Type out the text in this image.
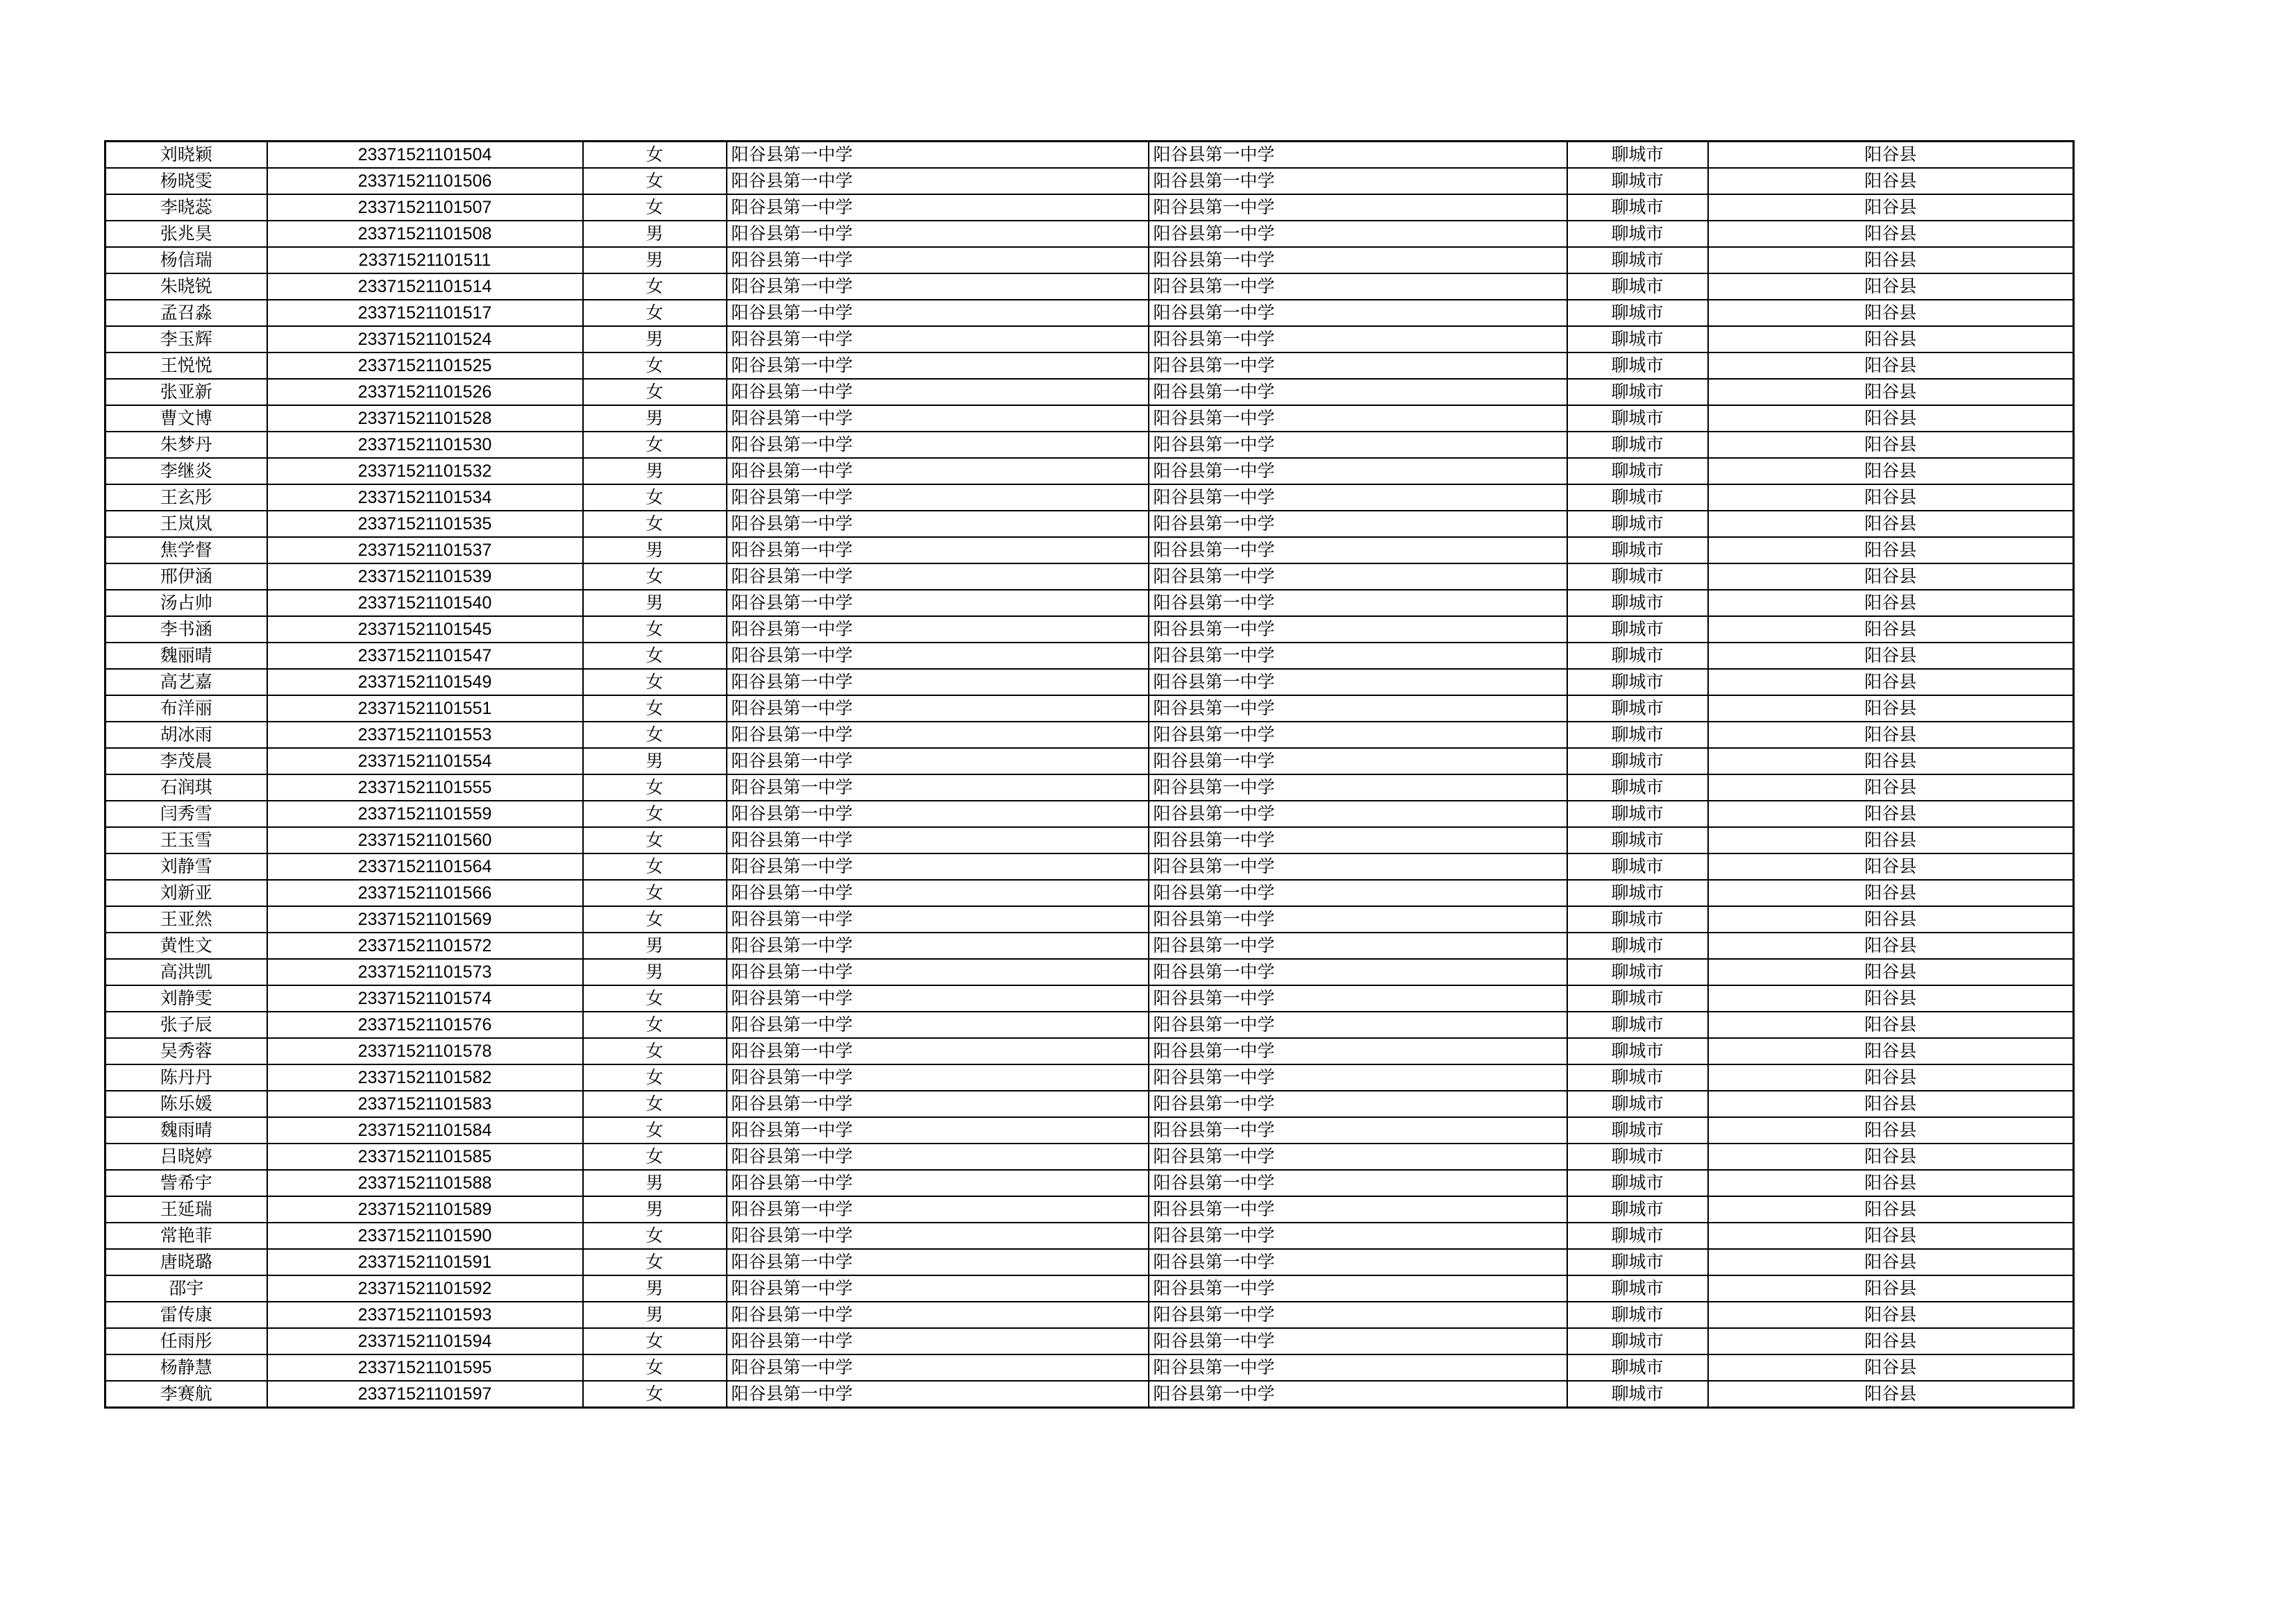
刘晓颖	23371521101504	女	阳谷县第一中学	阳谷县第一中学	聊城市	阳谷县
杨晓雯	23371521101506	女	阳谷县第一中学	阳谷县第一中学	聊城市	阳谷县
李晓蕊	23371521101507	女	阳谷县第一中学	阳谷县第一中学	聊城市	阳谷县
张兆昊	23371521101508	男	阳谷县第一中学	阳谷县第一中学	聊城市	阳谷县
杨信瑞	23371521101511	男	阳谷县第一中学	阳谷县第一中学	聊城市	阳谷县
朱晓锐	23371521101514	女	阳谷县第一中学	阳谷县第一中学	聊城市	阳谷县
孟召淼	23371521101517	女	阳谷县第一中学	阳谷县第一中学	聊城市	阳谷县
李玉辉	23371521101524	男	阳谷县第一中学	阳谷县第一中学	聊城市	阳谷县
王悦悦	23371521101525	女	阳谷县第一中学	阳谷县第一中学	聊城市	阳谷县
张亚新	23371521101526	女	阳谷县第一中学	阳谷县第一中学	聊城市	阳谷县
曹文博	23371521101528	男	阳谷县第一中学	阳谷县第一中学	聊城市	阳谷县
朱梦丹	23371521101530	女	阳谷县第一中学	阳谷县第一中学	聊城市	阳谷县
李继炎	23371521101532	男	阳谷县第一中学	阳谷县第一中学	聊城市	阳谷县
王玄彤	23371521101534	女	阳谷县第一中学	阳谷县第一中学	聊城市	阳谷县
王岚岚	23371521101535	女	阳谷县第一中学	阳谷县第一中学	聊城市	阳谷县
焦学督	23371521101537	男	阳谷县第一中学	阳谷县第一中学	聊城市	阳谷县
邢伊涵	23371521101539	女	阳谷县第一中学	阳谷县第一中学	聊城市	阳谷县
汤占帅	23371521101540	男	阳谷县第一中学	阳谷县第一中学	聊城市	阳谷县
李书涵	23371521101545	女	阳谷县第一中学	阳谷县第一中学	聊城市	阳谷县
魏丽晴	23371521101547	女	阳谷县第一中学	阳谷县第一中学	聊城市	阳谷县
高艺嘉	23371521101549	女	阳谷县第一中学	阳谷县第一中学	聊城市	阳谷县
布洋丽	23371521101551	女	阳谷县第一中学	阳谷县第一中学	聊城市	阳谷县
胡冰雨	23371521101553	女	阳谷县第一中学	阳谷县第一中学	聊城市	阳谷县
李茂晨	23371521101554	男	阳谷县第一中学	阳谷县第一中学	聊城市	阳谷县
石润琪	23371521101555	女	阳谷县第一中学	阳谷县第一中学	聊城市	阳谷县
闫秀雪	23371521101559	女	阳谷县第一中学	阳谷县第一中学	聊城市	阳谷县
王玉雪	23371521101560	女	阳谷县第一中学	阳谷县第一中学	聊城市	阳谷县
刘静雪	23371521101564	女	阳谷县第一中学	阳谷县第一中学	聊城市	阳谷县
刘新亚	23371521101566	女	阳谷县第一中学	阳谷县第一中学	聊城市	阳谷县
王亚然	23371521101569	女	阳谷县第一中学	阳谷县第一中学	聊城市	阳谷县
黄性文	23371521101572	男	阳谷县第一中学	阳谷县第一中学	聊城市	阳谷县
高洪凯	23371521101573	男	阳谷县第一中学	阳谷县第一中学	聊城市	阳谷县
刘静雯	23371521101574	女	阳谷县第一中学	阳谷县第一中学	聊城市	阳谷县
张子辰	23371521101576	女	阳谷县第一中学	阳谷县第一中学	聊城市	阳谷县
吴秀蓉	23371521101578	女	阳谷县第一中学	阳谷县第一中学	聊城市	阳谷县
陈丹丹	23371521101582	女	阳谷县第一中学	阳谷县第一中学	聊城市	阳谷县
陈乐媛	23371521101583	女	阳谷县第一中学	阳谷县第一中学	聊城市	阳谷县
魏雨晴	23371521101584	女	阳谷县第一中学	阳谷县第一中学	聊城市	阳谷县
吕晓婷	23371521101585	女	阳谷县第一中学	阳谷县第一中学	聊城市	阳谷县
訾希宇	23371521101588	男	阳谷县第一中学	阳谷县第一中学	聊城市	阳谷县
王延瑞	23371521101589	男	阳谷县第一中学	阳谷县第一中学	聊城市	阳谷县
常艳菲	23371521101590	女	阳谷县第一中学	阳谷县第一中学	聊城市	阳谷县
唐晓璐	23371521101591	女	阳谷县第一中学	阳谷县第一中学	聊城市	阳谷县
邵宇	23371521101592	男	阳谷县第一中学	阳谷县第一中学	聊城市	阳谷县
雷传康	23371521101593	男	阳谷县第一中学	阳谷县第一中学	聊城市	阳谷县
任雨彤	23371521101594	女	阳谷县第一中学	阳谷县第一中学	聊城市	阳谷县
杨静慧	23371521101595	女	阳谷县第一中学	阳谷县第一中学	聊城市	阳谷县
李赛航	23371521101597	女	阳谷县第一中学	阳谷县第一中学	聊城市	阳谷县
